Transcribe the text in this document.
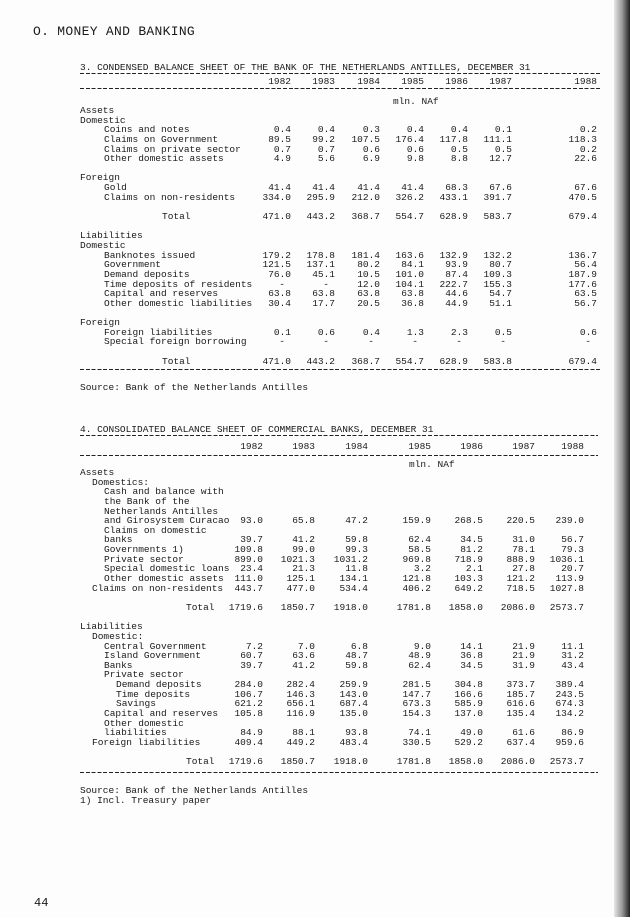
O. MONEY AND BANKING
3. CONDENSED BALANCE SHEET OF THE BANK OF THE NETHERLANDS ANTILLES, DECEMBER 31
1982 1983 1984 1985 1986 1987	1988
mln. NAf
Assets
Domestic
Coins and notes	0.4	0.4	0.3	0.4	0.4	0.1	0.2
Claims on Government	89.5 99.2 107.5 176.4 117.8 111.1	118.3
Claims on private sector	0.7	0.7	0.6	0.6	0.5	0.5	0.2
Other domestic assets	4.9	5.6	6.9	9.8	8.8 12.7	22.6
Foreign
Gold	41.4 41.4 41.4 41.4 68.3 67.6	67.6
Claims on non-residents	334.0 295.9 212.0 326.2 433.1 391.7	470.5
Total	471.0 443.2 368.7 554.7 628.9 583.7	679.4
Liabilities
Domestic
Banknotes issued	179.2 178.8 181.4 163.6 132.9 132.2	136.7
Government	121.5 137.1 80.2 84.1 93.9 80.7	56.4
Demand deposits	76.0 45.1 10.5 101.0 87.4 109.3	187.9
Time deposits of residents	-	-	12.0 104.1 222.7 155.3	177.6
Capital and reserves	63.8 63.8 63.8 63.8 44.6 54.7	63.5
Other domestic liabilities 30.4 17.7 20.5 36.8 44.9 51.1	56.7
Foreign
Foreign liabilities	0.1	0.6	0.4	1.3	2.3	0.5	0.6
Special foreign borrowing	-	-	-	-	-	-	-
Total	471.0 443.2 368.7 554.7 628.9 583.8	679.4
Source: Bank of the Netherlands Antilles
4. CONSOLIDATED BALANCE SHEET OF COMMERCIAL BANKS, DECEMBER 31
1982	1983	1984	1985	1986	1987	1988
mln. NAf
Assets
Domestics:
Cash and balance with
the Bank of the
Netherlands Antilles
and Girosystem Curacao 93.0	65.8	47.2	159.9 268.5 220.5 239.0
Claims on domestic
banks	39.7	41.2	59.8	62.4	34.5	31.0	56.7
Governments 1)	109.8	99.0	99.3	58.5	81.2	78.1	79.3
Private sector	899.0 1021.3 1031.2	969.8 718.9 888.9 1036.1
Special domestic loans 23.4	21.3	11.8	3.2	2.1	27.8	20.7
Other domestic assets 111.0 125.1	134.1	121.8 103.3 121.2 113.9
Claims on non-residents 443.7 477.0	534.4	406.2 649.2 718.5 1027.8
Total 1719.6 1850.7 1918.0	1781.8 1858.0 2086.0 2573.7
Liabilities
Domestic:
Central Government	7.2	7.0	6.8	9.0	14.1	21.9	11.1
Island Government	60.7	63.6	48.7	48.9	36.8	21.9	31.2
Banks	39.7	41.2	59.8	62.4	34.5	31.9	43.4
Private sector
Demand deposits	284.0 282.4	259.9	281.5 304.8 373.7 389.4
Time deposits	106.7 146.3	143.0	147.7 166.6 185.7 243.5
Savings	621.2 656.1	687.4	673.3 585.9 616.6 674.3
Capital and reserves 105.8 116.9	135.0	154.3 137.0 135.4 134.2
Other domestic
liabilities	84.9	88.1	93.8	74.1	49.0	61.6	86.9
Foreign liabilities	409.4 449.2	483.4	330.5 529.2 637.4 959.6
Total 1719.6 1850.7 1918.0	1781.8 1858.0 2086.0 2573.7
Source: Bank of the Netherlands Antilles
1) Incl. Treasury paper
44
